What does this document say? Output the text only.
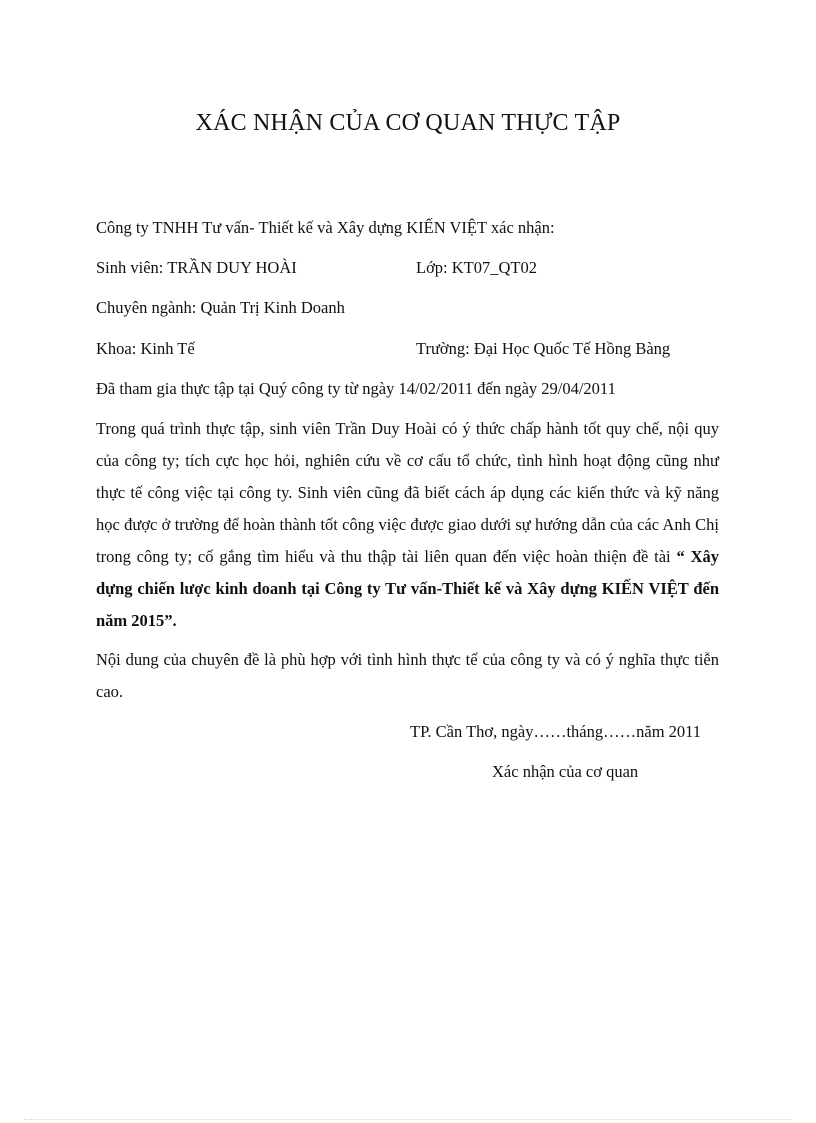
XÁC NHẬN CỦA CƠ QUAN THỰC TẬP
Công ty TNHH Tư vấn- Thiết kế và Xây dựng KIẾN VIỆT xác nhận:
Sinh viên: TRẦN DUY HOÀI	Lớp: KT07_QT02
Chuyên ngành: Quản Trị Kinh Doanh
Khoa: Kinh Tế	Trường: Đại Học Quốc Tế Hồng Bàng
Đã tham gia thực tập tại Quý công ty từ ngày 14/02/2011 đến ngày 29/04/2011
Trong quá trình thực tập, sinh viên Trần Duy Hoài có ý thức chấp hành tốt quy chế, nội quy của công ty; tích cực học hỏi, nghiên cứu về cơ cấu tổ chức, tình hình hoạt động cũng như thực tế công việc tại công ty. Sinh viên cũng đã biết cách áp dụng các kiến thức và kỹ năng học được ở trường để hoàn thành tốt công việc được giao dưới sự hướng dẫn của các Anh Chị trong công ty; cố gắng tìm hiểu và thu thập tài liên quan đến việc hoàn thiện đề tài “ Xây dựng chiến lược kinh doanh tại Công ty Tư vấn-Thiết kế và Xây dựng KIẾN VIỆT đến năm 2015”.
Nội dung của chuyên đề là phù hợp với tình hình thực tế của công ty và có ý nghĩa thực tiễn cao.
TP. Cần Thơ, ngày……tháng……năm 2011
Xác nhận của cơ quan
